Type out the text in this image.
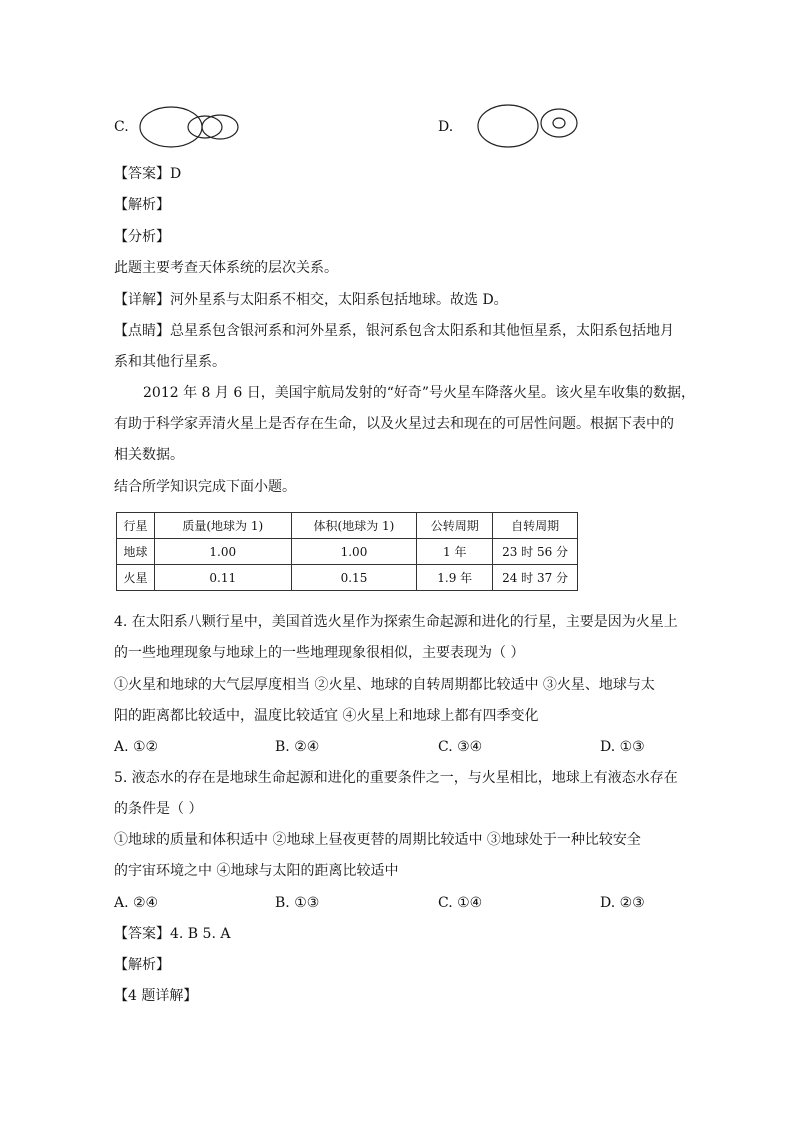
C.	D.
【答案】D
【解析】
【分析】
此题主要考查天体系统的层次关系。
【详解】河外星系与太阳系不相交，太阳系包括地球。故选 D。
【点睛】总星系包含银河系和河外星系，银河系包含太阳系和其他恒星系，太阳系包括地月
系和其他行星系。
2012 年 8 月 6 日，美国宇航局发射的“好奇”号火星车降落火星。该火星车收集的数据，
有助于科学家弄清火星上是否存在生命，以及火星过去和现在的可居性问题。根据下表中的
相关数据。
结合所学知识完成下面小题。
行星	质量(地球为 1)	体积(地球为 1)	公转周期	自转周期
地球	1.00	1.00	1 年	23 时 56 分
火星	0.11	0.15	1.9 年	24 时 37 分
4. 在太阳系八颗行星中，美国首选火星作为探索生命起源和进化的行星，主要是因为火星上
的一些地理现象与地球上的一些地理现象很相似，主要表现为（ ）
①火星和地球的大气层厚度相当 ②火星、地球的自转周期都比较适中 ③火星、地球与太
阳的距离都比较适中，温度比较适宜 ④火星上和地球上都有四季变化
A. ①②	B. ②④	C. ③④	D. ①③
5. 液态水的存在是地球生命起源和进化的重要条件之一，与火星相比，地球上有液态水存在
的条件是（ ）
①地球的质量和体积适中 ②地球上昼夜更替的周期比较适中 ③地球处于一种比较安全
的宇宙环境之中 ④地球与太阳的距离比较适中
A. ②④	B. ①③	C. ①④	D. ②③
【答案】4. B 5. A
【解析】
【4 题详解】
